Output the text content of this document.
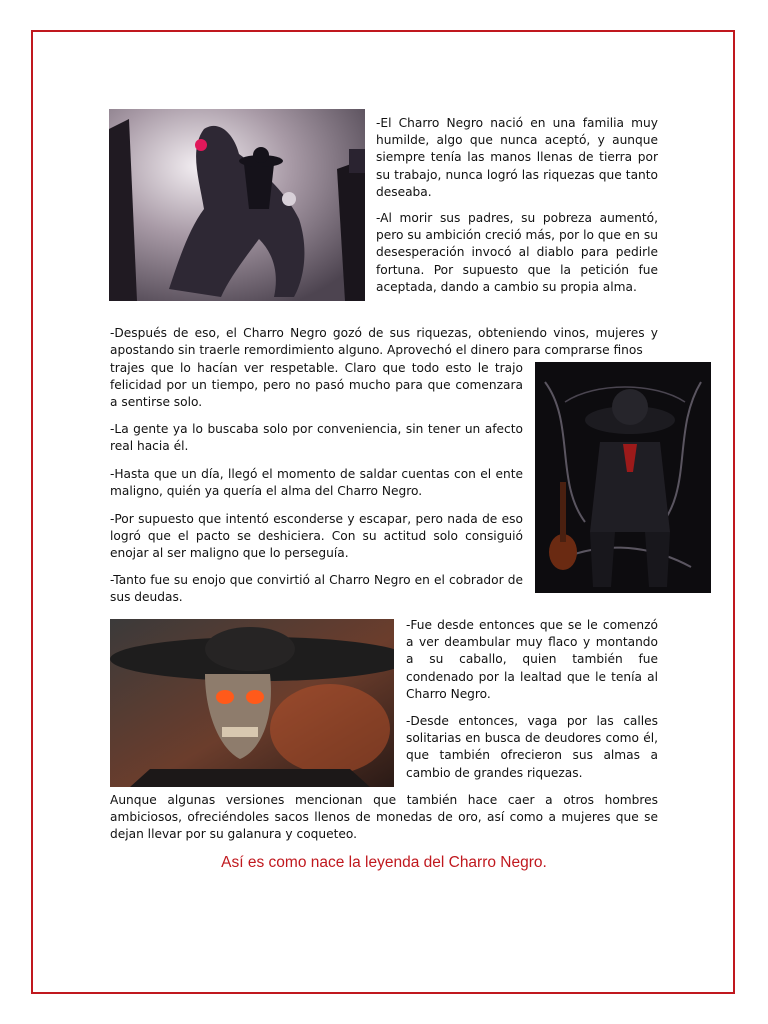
-El Charro Negro nació en una familia muy humilde, algo que nunca aceptó, y aunque siempre tenía las manos llenas de tierra por su trabajo, nunca logró las riquezas que tanto deseaba.

-Al morir sus padres, su pobreza aumentó, pero su ambición creció más, por lo que en su desesperación invocó al diablo para pedirle fortuna. Por supuesto que la petición fue aceptada, dando a cambio su propia alma.

-Después de eso, el Charro Negro gozó de sus riquezas, obteniendo vinos, mujeres y apostando sin traerle remordimiento alguno. Aprovechó el dinero para comprarse finos

trajes que lo hacían ver respetable. Claro que todo esto le trajo felicidad por un tiempo, pero no pasó mucho para que comenzara a sentirse solo.

-La gente ya lo buscaba solo por conveniencia, sin tener un afecto real hacia él.

-Hasta que un día, llegó el momento de saldar cuentas con el ente maligno, quién ya quería el alma del Charro Negro.

-Por supuesto que intentó esconderse y escapar, pero nada de eso logró que el pacto se deshiciera. Con su actitud solo consiguió enojar al ser maligno que lo perseguía.

-Tanto fue su enojo que convirtió al Charro Negro en el cobrador de sus deudas.

-Fue desde entonces que se le comenzó a ver deambular muy flaco y montando a su caballo, quien también fue condenado por la lealtad que le tenía al Charro Negro.

-Desde entonces, vaga por las calles solitarias en busca de deudores como él, que también ofrecieron sus almas a cambio de grandes riquezas.

Aunque algunas versiones mencionan que también hace caer a otros hombres ambiciosos, ofreciéndoles sacos llenos de monedas de oro, así como a mujeres que se dejan llevar por su galanura y coqueteo.

Así es como nace la leyenda del Charro Negro.
